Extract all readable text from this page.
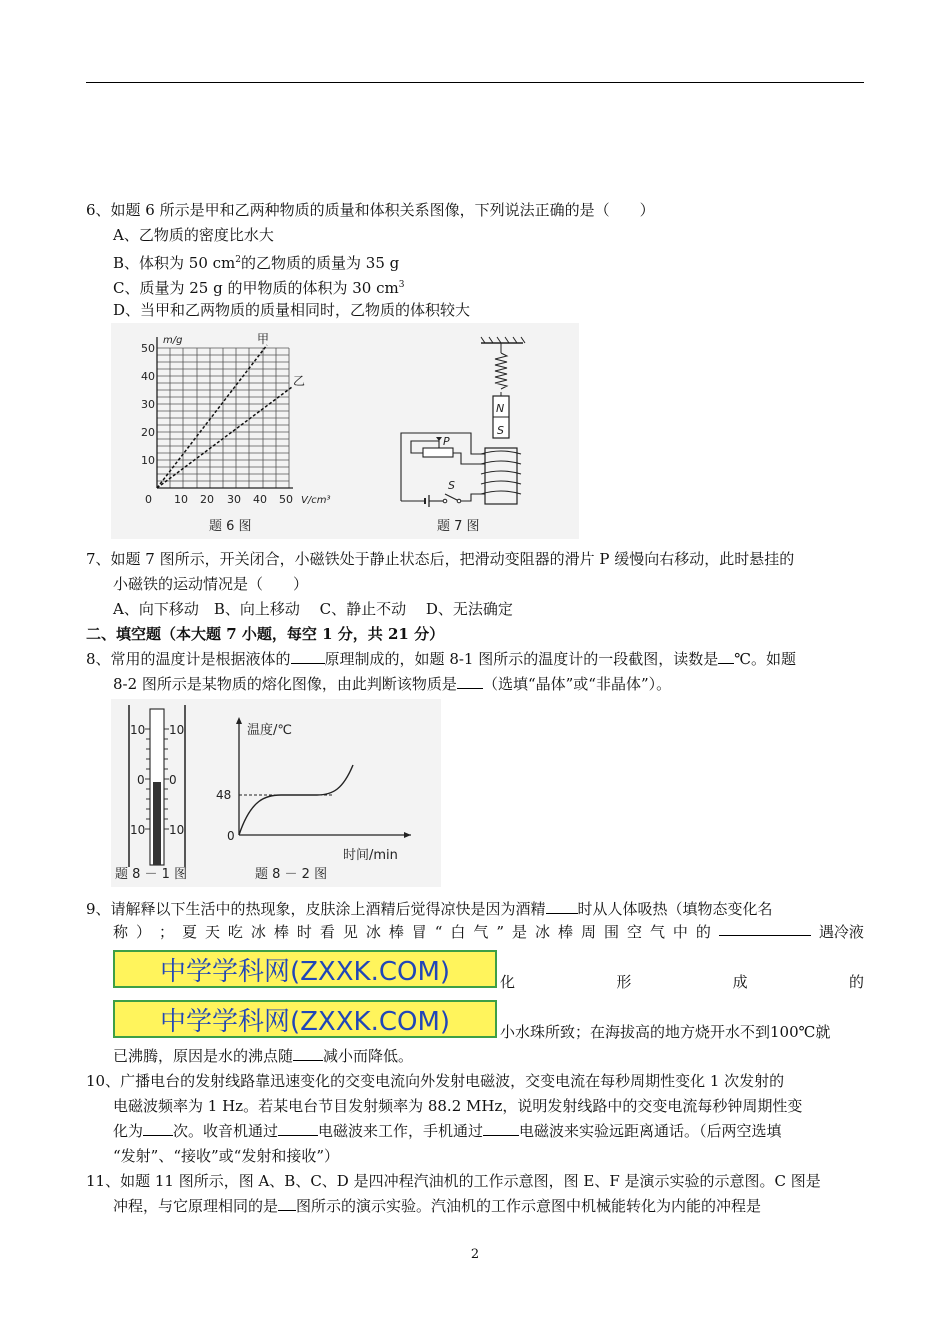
6、如题 6 所示是甲和乙两种物质的质量和体积关系图像，下列说法正确的是（　　）
A、乙物质的密度比水大
B、体积为 50 $cm^2$的乙物质的质量为 35 g
C、质量为 25 g 的甲物质的体积为 30 $cm^3$
D、当甲和乙两物质的质量相同时，乙物质的体积较大
m/g
50
40
30
20
10
0 10 20 30 40 50 V/cm³
甲
乙
题 6 图
N
S
P
S
题 7 图
7、如题 7 图所示，开关闭合，小磁铁处于静止状态后，把滑动变阻器的滑片 P 缓慢向右移动，此时悬挂的
小磁铁的运动情况是（　　）
A、向下移动　B、向上移动　 C、静止不动　 D、无法确定
二、填空题（本大题 7 小题，每空 1 分，共 21 分）
8、常用的温度计是根据液体的 原理制成的，如题 8-1 图所示的温度计的一段截图，读数是 ℃。如题
8-2 图所示是某物质的熔化图像，由此判断该物质是 （选填“晶体”或“非晶体”）。
10 10
0 0
10 10
题 8 － 1 图
温度/℃
48
0
时间/min
题 8 － 2 图
9、请解释以下生活中的热现象，皮肤涂上酒精后觉得凉快是因为酒精 时从人体吸热（填物态变化名
称 ） ； 夏 天 吃 冰 棒 时 看 见 冰 棒 冒 “ 白 气 ” 是 冰 棒 周 围 空 气 中 的	遇冷液
中学学科网(ZXXK.COM)	化	形	成	的
中学学科网(ZXXK.COM)	小水珠所致；在海拔高的地方烧开水不到100℃就
已沸腾，原因是水的沸点随 减小而降低。
10、广播电台的发射线路靠迅速变化的交变电流向外发射电磁波，交变电流在每秒周期性变化 1 次发射的
电磁波频率为 1 Hz。若某电台节目发射频率为 88.2 MHz，说明发射线路中的交变电流每秒钟周期性变
化为 次。收音机通过	电磁波来工作，手机通过 电磁波来实验远距离通话。（后两空选填
“发射”、“接收”或“发射和接收”）
11、如题 11 图所示，图 A、B、C、D 是四冲程汽油机的工作示意图，图 E、F 是演示实验的示意图。C 图是
冲程，与它原理相同的是 图所示的演示实验。汽油机的工作示意图中机械能转化为内能的冲程是
2
